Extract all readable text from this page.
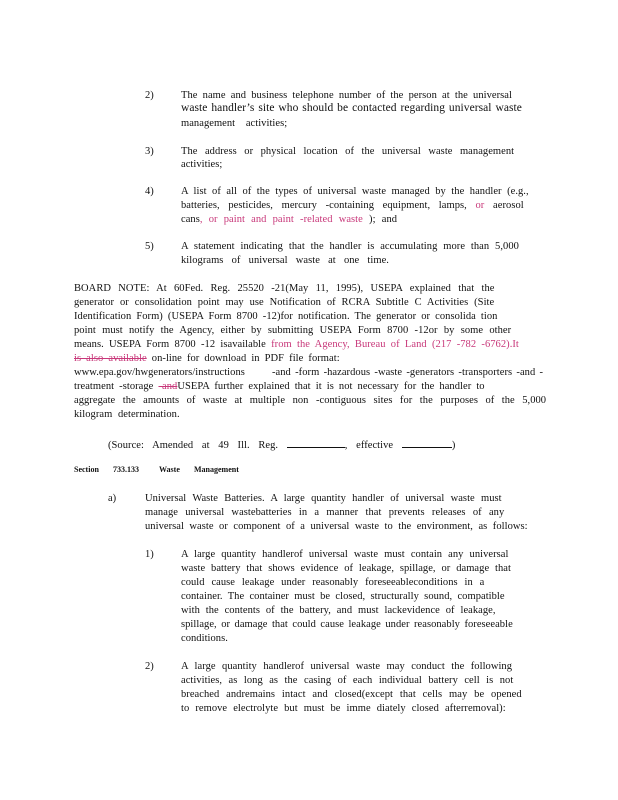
2)	The name and business telephone number of the person at the universal
waste handler’s site who should be contacted regarding universal waste
management activities;
3)	The address or physical location of the universal waste management
activities;
4)	A list of all of the types of universal waste managed by the handler (e.g.,
batteries, pesticides, mercury -containing equipment, lamps, or aerosol
cans, or paint and paint -related waste ); and
5)	A statement indicating that the handler is accumulating more than 5,000
kilograms of universal waste at one time.
BOARD NOTE: At 60Fed. Reg. 25520 -21(May 11, 1995), USEPA explained that the
generator or consolidation point may use Notification of RCRA Subtitle C Activities (Site
Identification Form) (USEPA Form 8700 -12)for notification. The generator or consolida tion
point must notify the Agency, either by submitting USEPA Form 8700 -12or by some other
means. USEPA Form 8700 -12 isavailable from the Agency, Bureau of Land (217 -782 -6762).It
is also available on-line for download in PDF file format:
www.epa.gov/hwgenerators/instructions	-and -form -hazardous -waste -generators -transporters -and -
treatment -storage -andUSEPA further explained that it is not necessary for the handler to
aggregate the amounts of waste at multiple non -contiguous sites for the purposes of the 5,000
kilogram determination.
(Source: Amended at 49 Ill. Reg.	, effective	)
Section 733.133	Waste Management
a)	Universal Waste Batteries. A large quantity handler of universal waste must
manage universal wastebatteries in a manner that prevents releases of any
universal waste or component of a universal waste to the environment, as follows:
1)	A large quantity handlerof universal waste must contain any universal
waste battery that shows evidence of leakage, spillage, or damage that
could cause leakage under reasonably foreseeableconditions in a
container. The container must be closed, structurally sound, compatible
with the contents of the battery, and must lackevidence of leakage,
spillage, or damage that could cause leakage under reasonably foreseeable
conditions.
2)	A large quantity handlerof universal waste may conduct the following
activities, as long as the casing of each individual battery cell is not
breached andremains intact and closed(except that cells may be opened
to remove electrolyte but must be imme diately closed afterremoval):
